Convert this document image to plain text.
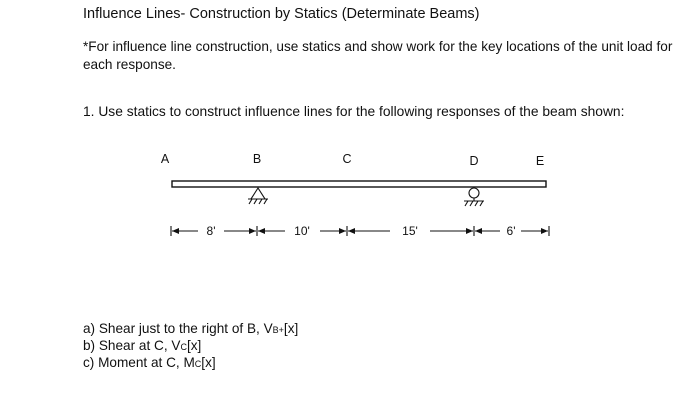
Influence Lines- Construction by Statics (Determinate Beams)

*For influence line construction, use statics and show work for the key locations of the unit load for each response.

1. Use statics to construct influence lines for the following responses of the beam shown:

A	B	C	D	E
8'	10'	15'	6'
a) Shear just to the right of B, VB+[x]
b) Shear at C, VC[x]
c) Moment at C, MC[x]
